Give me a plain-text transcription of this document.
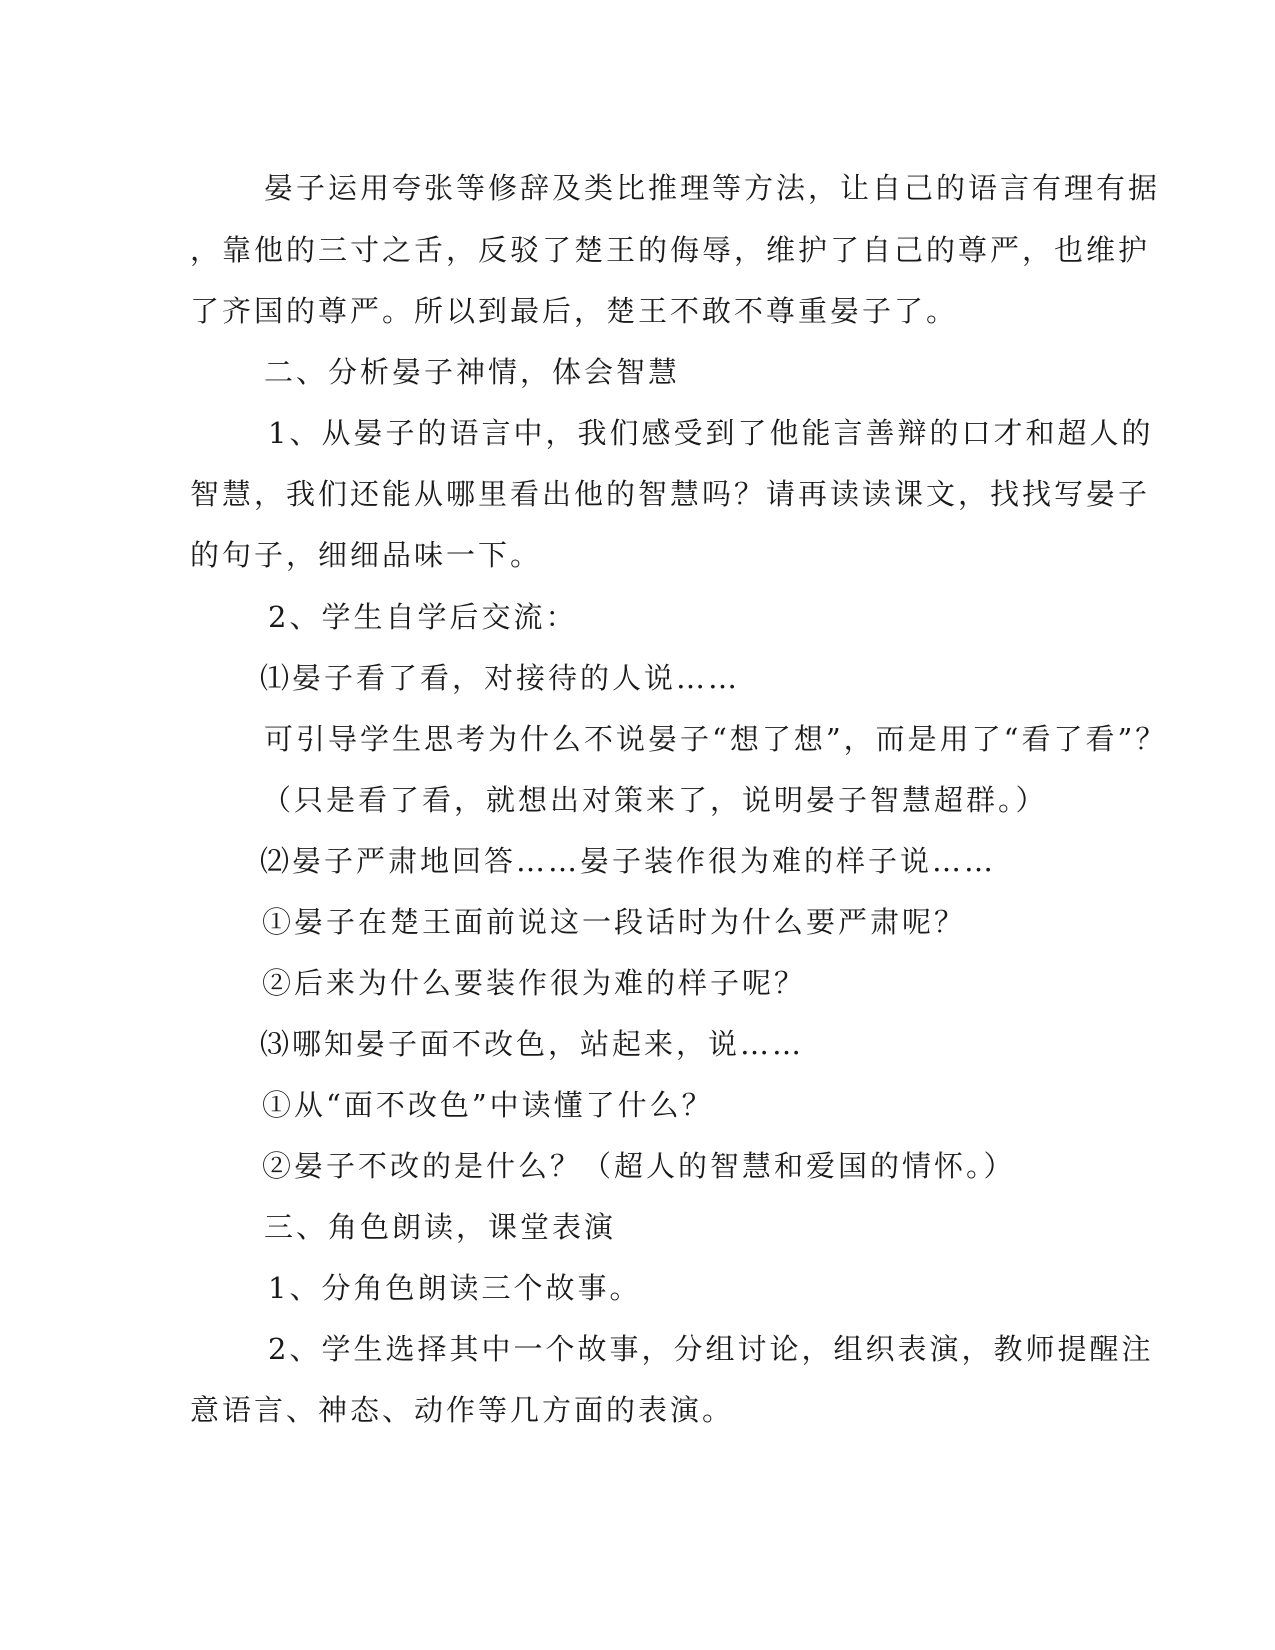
晏子运用夸张等修辞及类比推理等方法，让自己的语言有理有据
，靠他的三寸之舌，反驳了楚王的侮辱，维护了自己的尊严，也维护
了齐国的尊严。所以到最后，楚王不敢不尊重晏子了。
二、分析晏子神情，体会智慧
1、从晏子的语言中，我们感受到了他能言善辩的口才和超人的
智慧，我们还能从哪里看出他的智慧吗？请再读读课文，找找写晏子
的句子，细细品味一下。
2、学生自学后交流：
⑴晏子看了看，对接待的人说……
可引导学生思考为什么不说晏子“想了想”，而是用了“看了看”？
（只是看了看，就想出对策来了，说明晏子智慧超群。）
⑵晏子严肃地回答……晏子装作很为难的样子说……
①晏子在楚王面前说这一段话时为什么要严肃呢？
②后来为什么要装作很为难的样子呢？
⑶哪知晏子面不改色，站起来，说……
①从“面不改色”中读懂了什么？
②晏子不改的是什么？（超人的智慧和爱国的情怀。）
三、角色朗读，课堂表演
1、分角色朗读三个故事。
2、学生选择其中一个故事，分组讨论，组织表演，教师提醒注
意语言、神态、动作等几方面的表演。
